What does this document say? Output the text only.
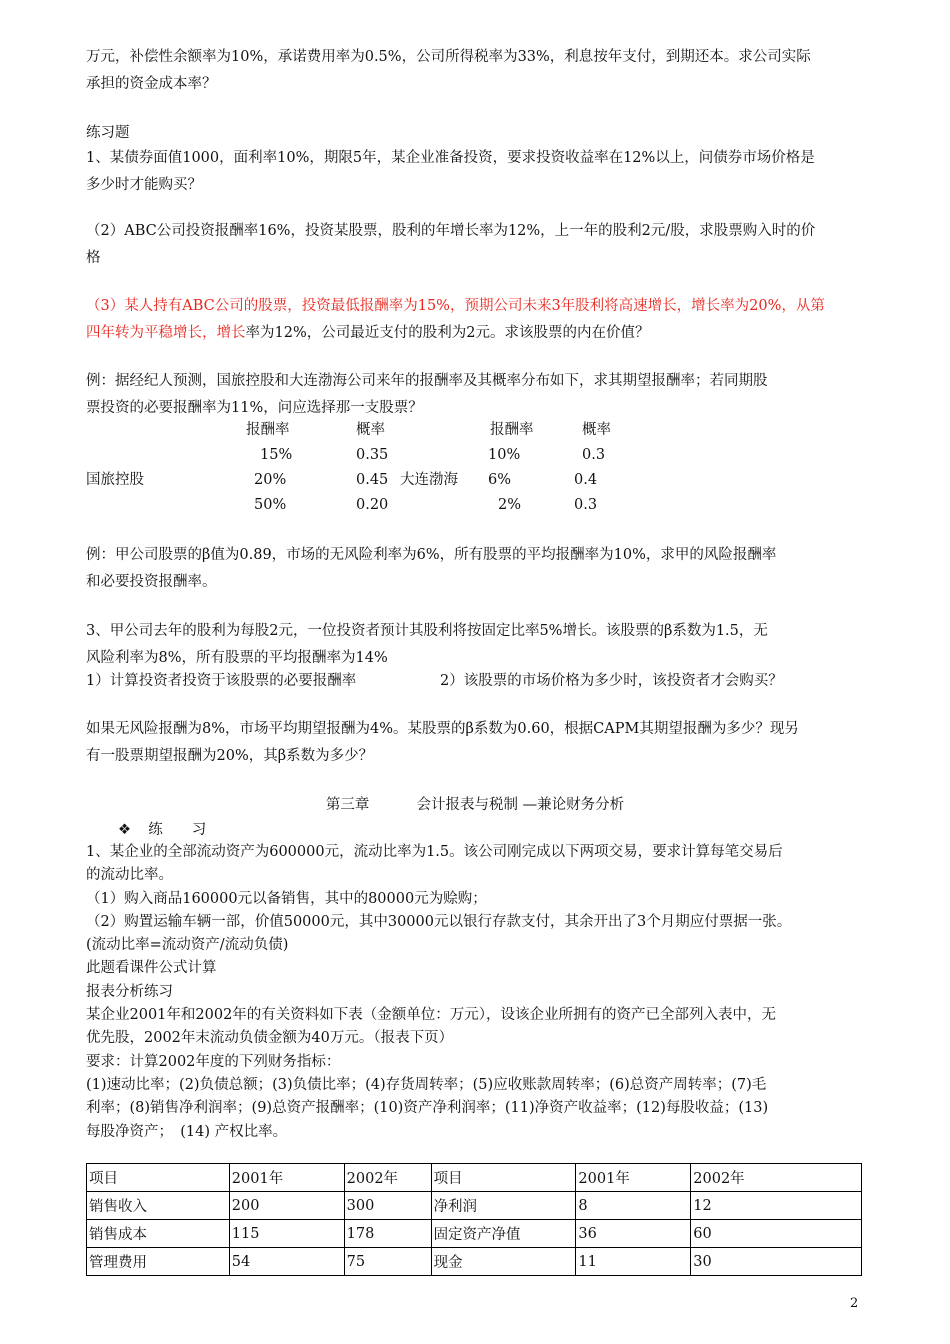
万元，补偿性余额率为10%，承诺费用率为0.5%，公司所得税率为33%，利息按年支付，到期还本。求公司实际
承担的资金成本率？
练习题
1、某债券面值1000，面利率10%，期限5年，某企业准备投资，要求投资收益率在12%以上，问债券市场价格是
多少时才能购买？
（2）ABC公司投资报酬率16%，投资某股票，股利的年增长率为12%，上一年的股利2元/股，求股票购入时的价
格
（3）某人持有ABC公司的股票，投资最低报酬率为15%，预期公司未来3年股利将高速增长，增长率为20%，从第
四年转为平稳增长，增长率为12%，公司最近支付的股利为2元。求该股票的内在价值？
例：据经纪人预测，国旅控股和大连渤海公司来年的报酬率及其概率分布如下，求其期望报酬率；若同期股
票投资的必要报酬率为11%，问应选择那一支股票？
报酬率	概率	报酬率	概率
15%	0.35	10%	0.3
国旅控股	20%	0.45 大连渤海 6%	0.4
50%	0.20	2%	0.3
例：甲公司股票的β值为0.89，市场的无风险利率为6%，所有股票的平均报酬率为10%，求甲的风险报酬率
和必要投资报酬率。
3、甲公司去年的股利为每股2元，一位投资者预计其股利将按固定比率5%增长。该股票的β系数为1.5，无
风险利率为8%，所有股票的平均报酬率为14%
1）计算投资者投资于该股票的必要报酬率	2）该股票的市场价格为多少时，该投资者才会购买？
如果无风险报酬为8%，市场平均期望报酬为4%。某股票的β系数为0.60，根据CAPM其期望报酬为多少？现另
有一股票期望报酬为20%，其β系数为多少？
第三章	会计报表与税制 —兼论财务分析
❖ 练　　习
1、某企业的全部流动资产为600000元，流动比率为1.5。该公司刚完成以下两项交易，要求计算每笔交易后
的流动比率。
（1）购入商品160000元以备销售，其中的80000元为赊购；
（2）购置运输车辆一部，价值50000元，其中30000元以银行存款支付，其余开出了3个月期应付票据一张。
(流动比率=流动资产/流动负债)
此题看课件公式计算
报表分析练习
某企业2001年和2002年的有关资料如下表（金额单位：万元），设该企业所拥有的资产已全部列入表中，无
优先股，2002年末流动负债金额为40万元。（报表下页）
要求：计算2002年度的下列财务指标：
(1)速动比率；(2)负债总额；(3)负债比率；(4)存货周转率；(5)应收账款周转率；(6)总资产周转率；(7)毛
利率；(8)销售净利润率；(9)总资产报酬率；(10)资产净利润率；(11)净资产收益率；(12)每股收益；(13)
每股净资产；　(14) 产权比率。
项目	2001年	2002年	项目	2001年	2002年
销售收入	200	300	净利润	8	12
销售成本	115	178	固定资产净值	36	60
管理费用	54	75	现金	11	30
2
